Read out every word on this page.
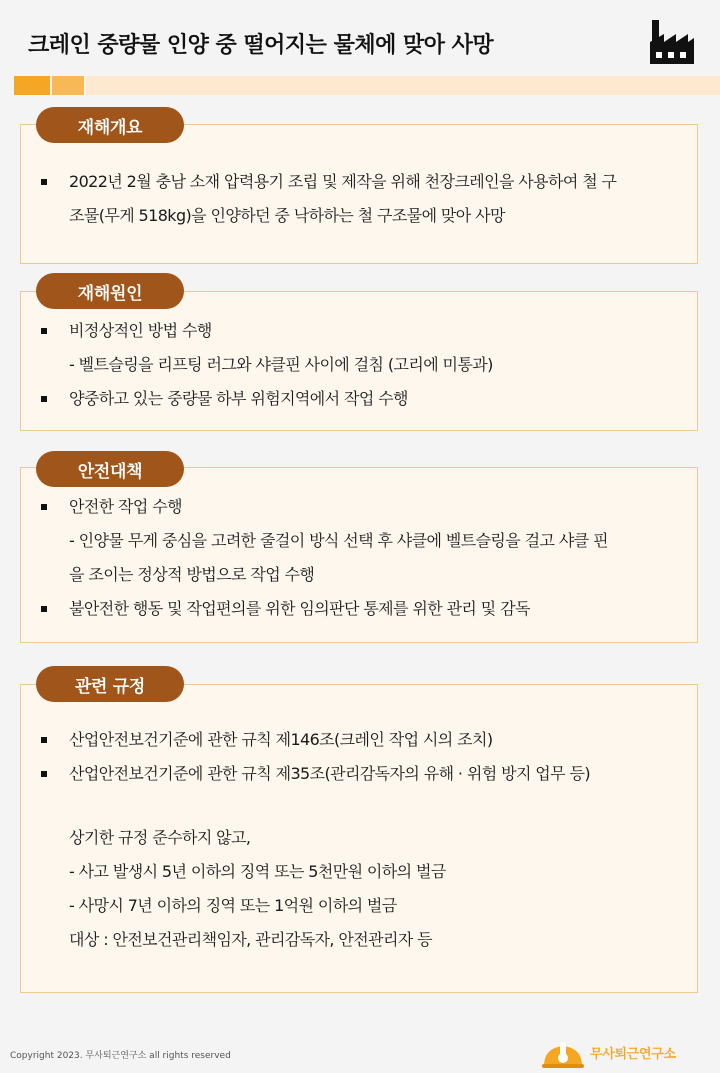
크레인 중량물 인양 중 떨어지는 물체에 맞아 사망
2022년 2월 충남 소재 압력용기 조립 및 제작을 위해 천장크레인을 사용하여 철 구
조물(무게 518kg)을 인양하던 중 낙하하는 철 구조물에 맞아 사망
재해개요
비정상적인 방법 수행
- 벨트슬링을 리프팅 러그와 샤클핀 사이에 걸침 (고리에 미통과)
양중하고 있는 중량물 하부 위험지역에서 작업 수행
재해원인
안전한 작업 수행
- 인양물 무게 중심을 고려한 줄걸이 방식 선택 후 샤클에 벨트슬링을 걸고 샤클 핀
을 조이는 정상적 방법으로 작업 수행
불안전한 행동 및 작업편의를 위한 임의판단 통제를 위한 관리 및 감독
안전대책
산업안전보건기준에 관한 규칙 제146조(크레인 작업 시의 조치)
산업안전보건기준에 관한 규칙 제35조(관리감독자의 유해 · 위험 방지 업무 등)
상기한 규정 준수하지 않고,
- 사고 발생시 5년 이하의 징역 또는 5천만원 이하의 벌금
- 사망시 7년 이하의 징역 또는 1억원 이하의 벌금
대상 : 안전보건관리책임자, 관리감독자, 안전관리자 등
관련 규정
Copyright 2023. 무사퇴근연구소 all rights reserved	무사퇴근연구소
